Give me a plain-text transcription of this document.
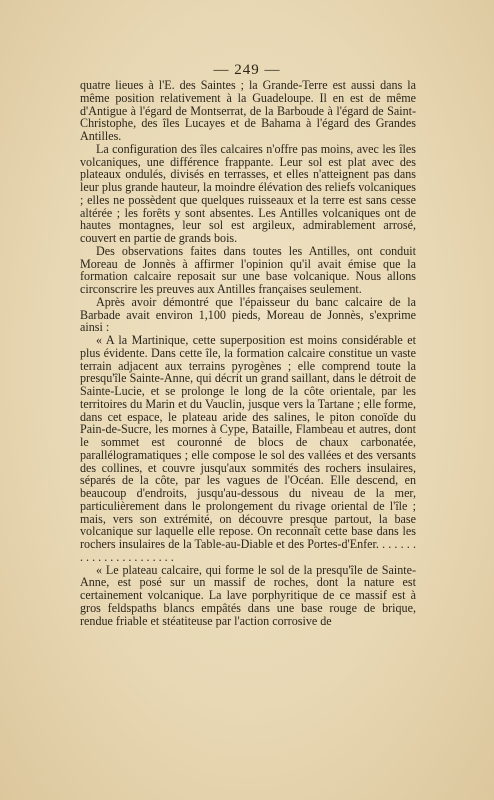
— 249 —

quatre lieues à l'E. des Saintes ; la Grande-Terre est aussi dans la même position relativement à la Guadeloupe. Il en est de même d'Antigue à l'égard de Montserrat, de la Barboude à l'égard de Saint-Christophe, des îles Lucayes et de Bahama à l'égard des Grandes Antilles.

La configuration des îles calcaires n'offre pas moins, avec les îles volcaniques, une différence frappante. Leur sol est plat avec des plateaux ondulés, divisés en terrasses, et elles n'atteignent pas dans leur plus grande hauteur, la moindre élévation des reliefs volcaniques ; elles ne possèdent que quelques ruisseaux et la terre est sans cesse altérée ; les forêts y sont absentes. Les Antilles volcaniques ont de hautes montagnes, leur sol est argileux, admirablement arrosé, couvert en partie de grands bois.

Des observations faites dans toutes les Antilles, ont conduit Moreau de Jonnès à affirmer l'opinion qu'il avait émise que la formation calcaire reposait sur une base volcanique. Nous allons circonscrire les preuves aux Antilles françaises seulement.

Après avoir démontré que l'épaisseur du banc calcaire de la Barbade avait environ 1,100 pieds, Moreau de Jonnès, s'exprime ainsi :

« A la Martinique, cette superposition est moins considérable et plus évidente. Dans cette île, la formation calcaire constitue un vaste terrain adjacent aux terrains pyrogènes ; elle comprend toute la presqu'île Sainte-Anne, qui décrit un grand saillant, dans le détroit de Sainte-Lucie, et se prolonge le long de la côte orientale, par les territoires du Marin et du Vauclin, jusque vers la Tartane ; elle forme, dans cet espace, le plateau aride des salines, le piton conoïde du Pain-de-Sucre, les mornes à Cype, Bataille, Flambeau et autres, dont le sommet est couronné de blocs de chaux carbonatée, parallélogramatiques ; elle compose le sol des vallées et des versants des collines, et couvre jusqu'aux sommités des rochers insulaires, séparés de la côte, par les vagues de l'Océan. Elle descend, en beaucoup d'endroits, jusqu'au-dessous du niveau de la mer, particulièrement dans le prolongement du rivage oriental de l'île ; mais, vers son extrémité, on découvre presque partout, la base volcanique sur laquelle elle repose. On reconnaît cette base dans les rochers insulaires de la Table-au-Diable et des Portes-d'Enfer. . . . . . . . . . . . . . . . . . . . . . .

« Le plateau calcaire, qui forme le sol de la presqu'île de Sainte-Anne, est posé sur un massif de roches, dont la nature est certainement volcanique. La lave porphyritique de ce massif est à gros feldspaths blancs empâtés dans une base rouge de brique, rendue friable et stéatiteuse par l'action corrosive de
